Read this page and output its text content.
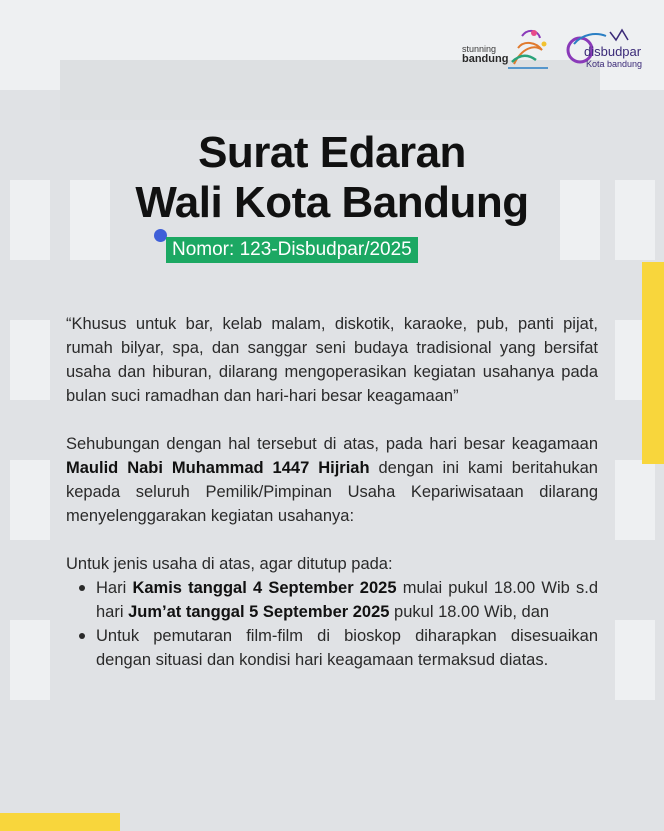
stunning
bandung	disbudpar
Kota bandung
Surat Edaran
Wali Kota Bandung
Nomor: 123-Disbudpar/2025

“Khusus untuk bar, kelab malam, diskotik, karaoke, pub, panti pijat, rumah bilyar, spa, dan sanggar seni budaya tradisional yang bersifat usaha dan hiburan, dilarang mengoperasikan kegiatan usahanya pada bulan suci ramadhan dan hari-hari besar keagamaan”

Sehubungan dengan hal tersebut di atas, pada hari besar keagamaan Maulid Nabi Muhammad 1447 Hijriah dengan ini kami beritahukan kepada seluruh Pemilik/Pimpinan Usaha Kepariwisataan dilarang menyelenggarakan kegiatan usahanya:

Untuk jenis usaha di atas, agar ditutup pada:

Hari Kamis tanggal 4 September 2025 mulai pukul 18.00 Wib s.d hari Jum’at tanggal 5 September 2025 pukul 18.00 Wib, dan
Untuk pemutaran film-film di bioskop diharapkan disesuaikan dengan situasi dan kondisi hari keagamaan termaksud diatas.
